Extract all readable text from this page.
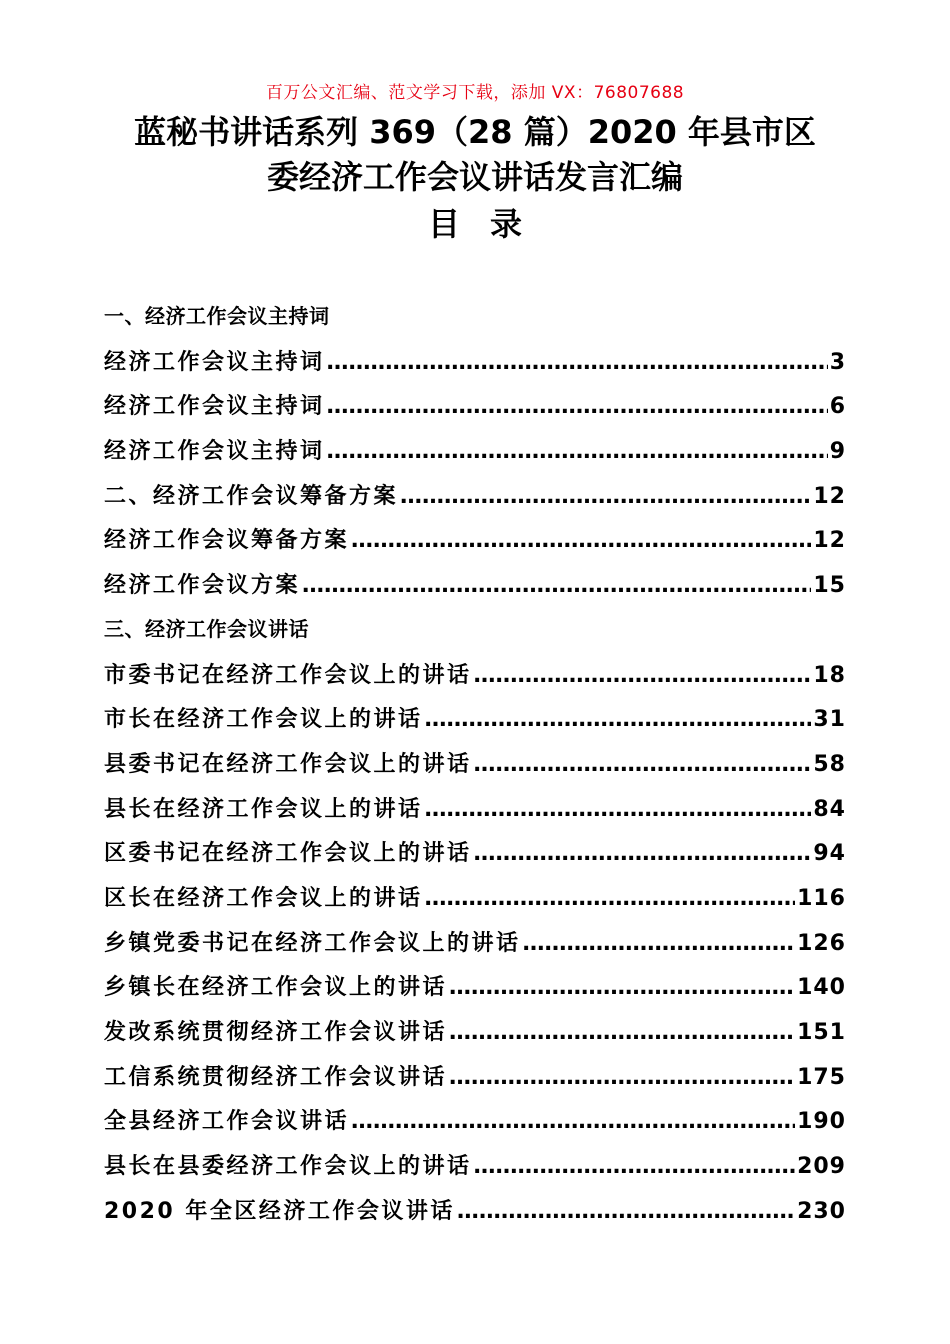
百万公文汇编、范文学习下载，添加 VX：76807688
蓝秘书讲话系列 369（28 篇）2020 年县市区
委经济工作会议讲话发言汇编
目录
一、经济工作会议主持词
经济工作会议主持词 ……………………………………………………………………………………………………………………	3
经济工作会议主持词 ……………………………………………………………………………………………………………………	6
经济工作会议主持词 ……………………………………………………………………………………………………………………	9
二、经济工作会议筹备方案 ……………………………………………………………………………………………………………………	12
经济工作会议筹备方案 ……………………………………………………………………………………………………………………	12
经济工作会议方案 ……………………………………………………………………………………………………………………	15
三、经济工作会议讲话
市委书记在经济工作会议上的讲话 ……………………………………………………………………………………………………………………	18
市长在经济工作会议上的讲话 ……………………………………………………………………………………………………………………	31
县委书记在经济工作会议上的讲话 ……………………………………………………………………………………………………………………	58
县长在经济工作会议上的讲话 ……………………………………………………………………………………………………………………	84
区委书记在经济工作会议上的讲话 ……………………………………………………………………………………………………………………	94
区长在经济工作会议上的讲话 ……………………………………………………………………………………………………………………	116
乡镇党委书记在经济工作会议上的讲话 ……………………………………………………………………………………………………………………	126
乡镇长在经济工作会议上的讲话 ……………………………………………………………………………………………………………………	140
发改系统贯彻经济工作会议讲话 ……………………………………………………………………………………………………………………	151
工信系统贯彻经济工作会议讲话 ……………………………………………………………………………………………………………………	175
全县经济工作会议讲话 ……………………………………………………………………………………………………………………	190
县长在县委经济工作会议上的讲话 ……………………………………………………………………………………………………………………	209
2020 年全区经济工作会议讲话 ……………………………………………………………………………………………………………………	230
